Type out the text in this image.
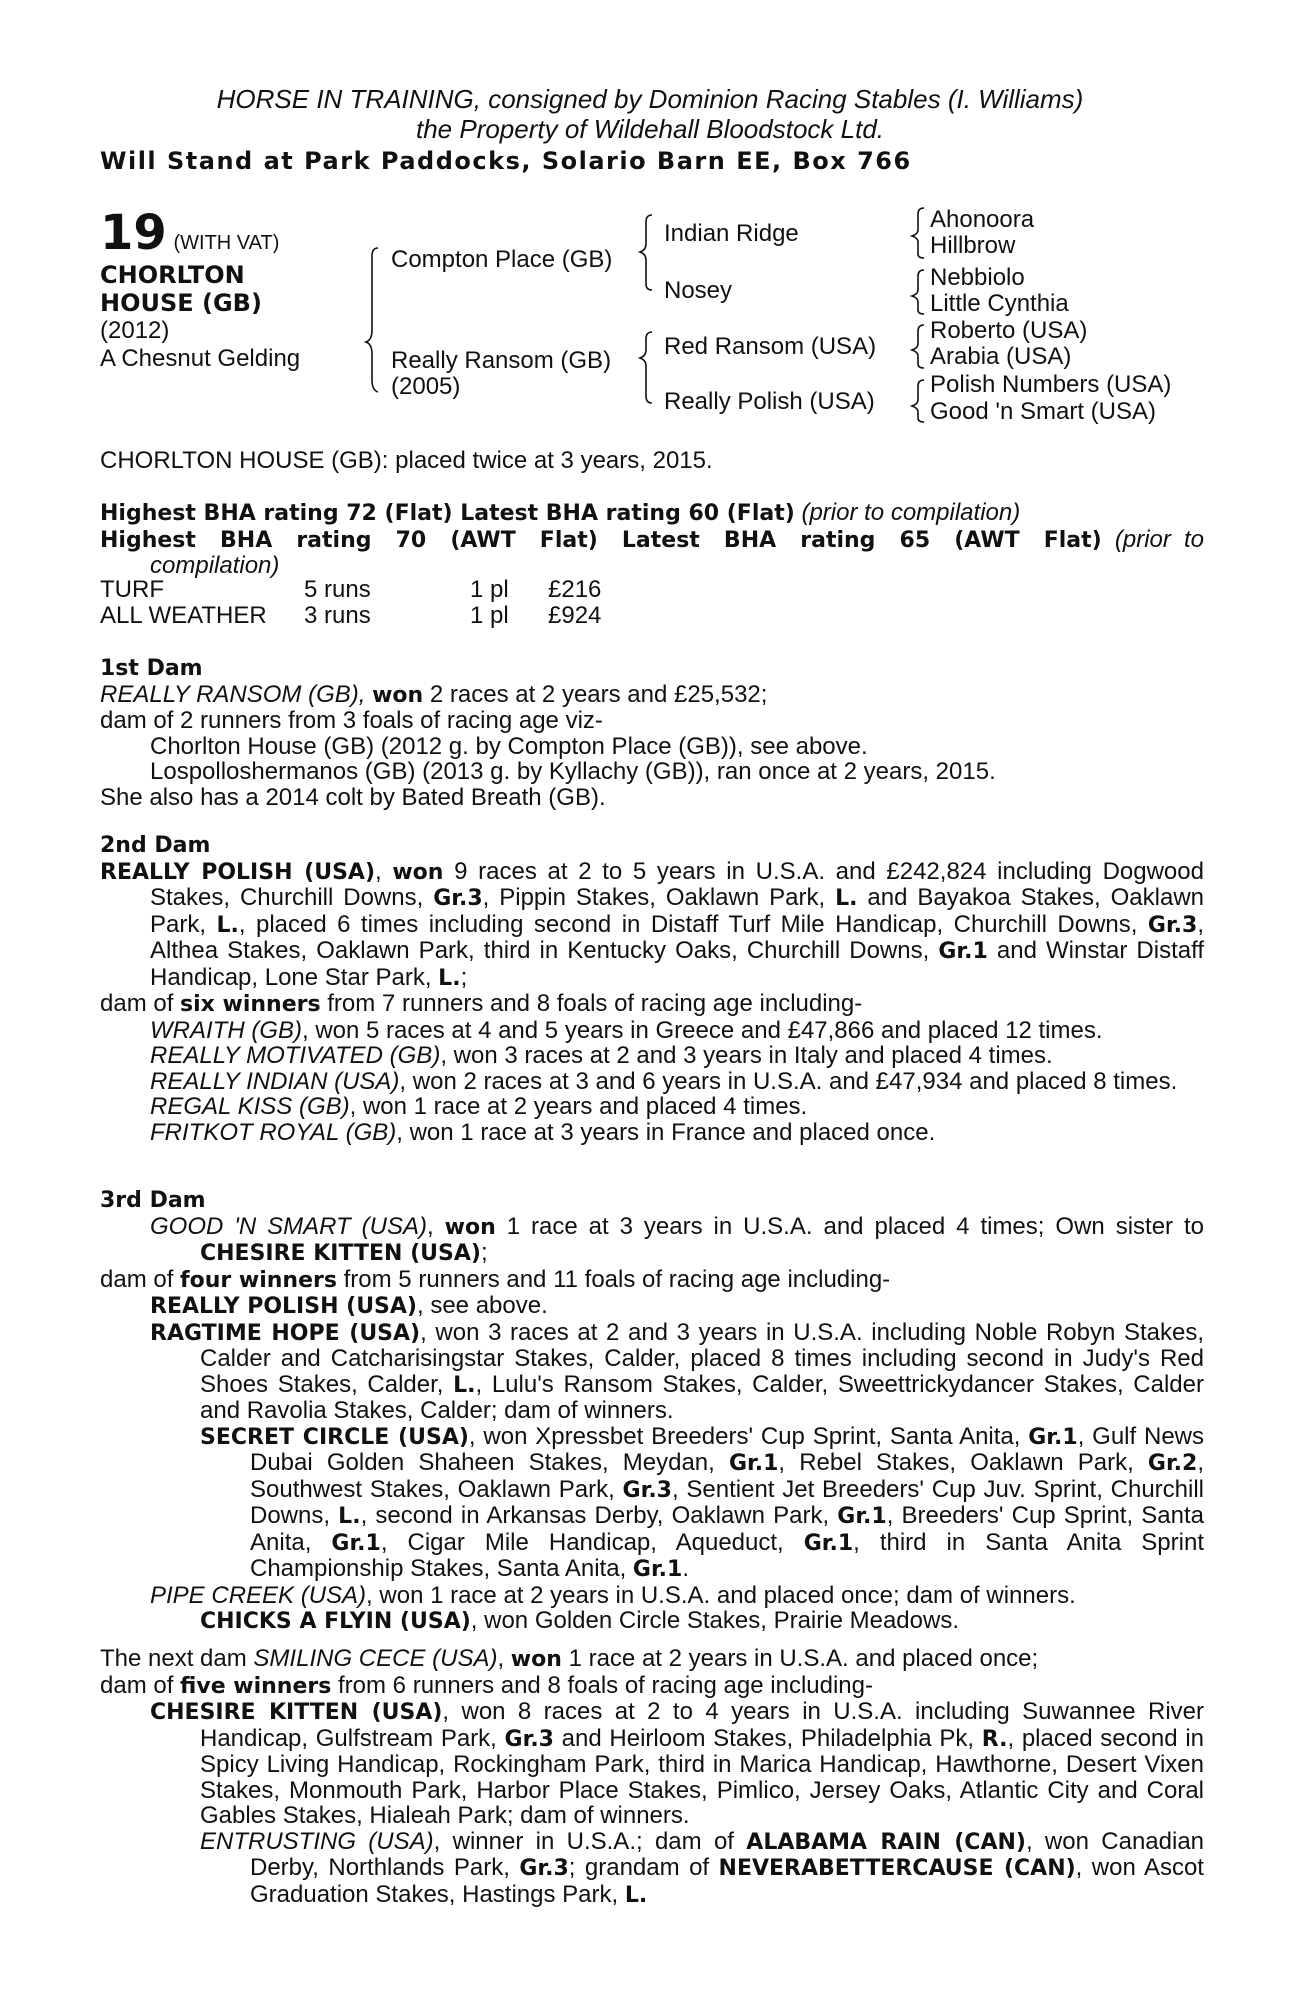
HORSE IN TRAINING, consigned by Dominion Racing Stables (I. Williams)
the Property of Wildehall Bloodstock Ltd.
Will Stand at Park Paddocks, Solario Barn EE, Box 766
19 (WITH VAT)
CHORLTON
HOUSE (GB)
(2012)
A Chesnut Gelding
Compton Place (GB)
Really Ransom (GB)
(2005)
Indian Ridge
Nosey
Red Ransom (USA)
Really Polish (USA)
Ahonoora
Hillbrow
Nebbiolo
Little Cynthia
Roberto (USA)
Arabia (USA)
Polish Numbers (USA)
Good 'n Smart (USA)
CHORLTON HOUSE (GB): placed twice at 3 years, 2015.

Highest BHA rating 72 (Flat) Latest BHA rating 60 (Flat) (prior to compilation)

Highest BHA rating 70 (AWT Flat) Latest BHA rating 65 (AWT Flat) (prior to

compilation)

TURF	5 runs	1 pl £216
ALL WEATHER 3 runs	1 pl £924

1st Dam

REALLY RANSOM (GB), won 2 races at 2 years and £25,532;

dam of 2 runners from 3 foals of racing age viz-

Chorlton House (GB) (2012 g. by Compton Place (GB)), see above.

Lospolloshermanos (GB) (2013 g. by Kyllachy (GB)), ran once at 2 years, 2015.

She also has a 2014 colt by Bated Breath (GB).

2nd Dam

REALLY POLISH (USA), won 9 races at 2 to 5 years in U.S.A. and £242,824 including Dogwood Stakes, Churchill Downs, Gr.3, Pippin Stakes, Oaklawn Park, L. and Bayakoa Stakes, Oaklawn Park, L., placed 6 times including second in Distaff Turf Mile Handicap, Churchill Downs, Gr.3, Althea Stakes, Oaklawn Park, third in Kentucky Oaks, Churchill Downs, Gr.1 and Winstar Distaff Handicap, Lone Star Park, L.;

dam of six winners from 7 runners and 8 foals of racing age including-

WRAITH (GB), won 5 races at 4 and 5 years in Greece and £47,866 and placed 12 times.

REALLY MOTIVATED (GB), won 3 races at 2 and 3 years in Italy and placed 4 times.

REALLY INDIAN (USA), won 2 races at 3 and 6 years in U.S.A. and £47,934 and placed 8 times.

REGAL KISS (GB), won 1 race at 2 years and placed 4 times.

FRITKOT ROYAL (GB), won 1 race at 3 years in France and placed once.

3rd Dam

GOOD 'N SMART (USA), won 1 race at 3 years in U.S.A. and placed 4 times; Own sister to CHESIRE KITTEN (USA);

dam of four winners from 5 runners and 11 foals of racing age including-

REALLY POLISH (USA), see above.

RAGTIME HOPE (USA), won 3 races at 2 and 3 years in U.S.A. including Noble Robyn Stakes, Calder and Catcharisingstar Stakes, Calder, placed 8 times including second in Judy's Red Shoes Stakes, Calder, L., Lulu's Ransom Stakes, Calder, Sweettrickydancer Stakes, Calder and Ravolia Stakes, Calder; dam of winners.

SECRET CIRCLE (USA), won Xpressbet Breeders' Cup Sprint, Santa Anita, Gr.1, Gulf News Dubai Golden Shaheen Stakes, Meydan, Gr.1, Rebel Stakes, Oaklawn Park, Gr.2, Southwest Stakes, Oaklawn Park, Gr.3, Sentient Jet Breeders' Cup Juv. Sprint, Churchill Downs, L., second in Arkansas Derby, Oaklawn Park, Gr.1, Breeders' Cup Sprint, Santa Anita, Gr.1, Cigar Mile Handicap, Aqueduct, Gr.1, third in Santa Anita Sprint Championship Stakes, Santa Anita, Gr.1.

PIPE CREEK (USA), won 1 race at 2 years in U.S.A. and placed once; dam of winners.

CHICKS A FLYIN (USA), won Golden Circle Stakes, Prairie Meadows.

The next dam SMILING CECE (USA), won 1 race at 2 years in U.S.A. and placed once;

dam of five winners from 6 runners and 8 foals of racing age including-

CHESIRE KITTEN (USA), won 8 races at 2 to 4 years in U.S.A. including Suwannee River Handicap, Gulfstream Park, Gr.3 and Heirloom Stakes, Philadelphia Pk, R., placed second in Spicy Living Handicap, Rockingham Park, third in Marica Handicap, Hawthorne, Desert Vixen Stakes, Monmouth Park, Harbor Place Stakes, Pimlico, Jersey Oaks, Atlantic City and Coral Gables Stakes, Hialeah Park; dam of winners.

ENTRUSTING (USA), winner in U.S.A.; dam of ALABAMA RAIN (CAN), won Canadian Derby, Northlands Park, Gr.3; grandam of NEVERABETTERCAUSE (CAN), won Ascot Graduation Stakes, Hastings Park, L.
